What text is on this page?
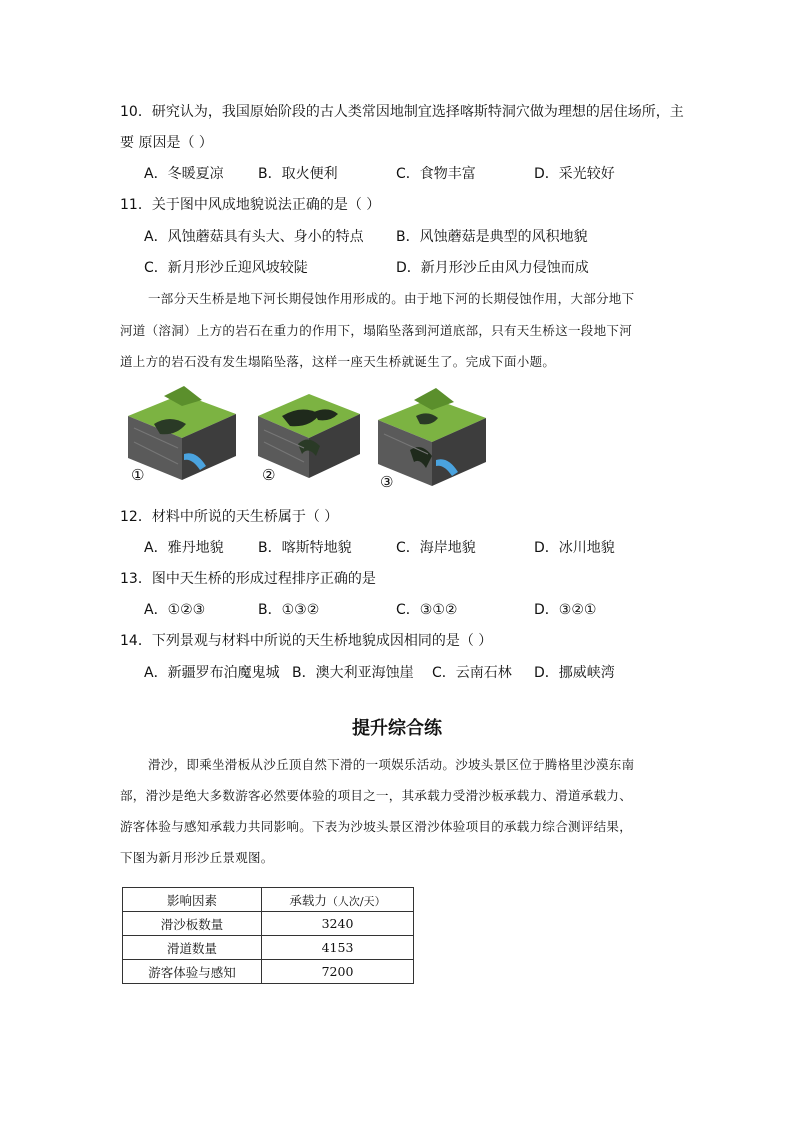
10．研究认为，我国原始阶段的古人类常因地制宜选择喀斯特洞穴做为理想的居住场所，主
要 原因是（ ）
A．冬暖夏凉 B．取火便利	C．食物丰富	D．采光较好
11．关于图中风成地貌说法正确的是（ ）
A．风蚀蘑菇具有头大、身小的特点 B．风蚀蘑菇是典型的风积地貌
C．新月形沙丘迎风坡较陡	D．新月形沙丘由风力侵蚀而成
一部分天生桥是地下河长期侵蚀作用形成的。由于地下河的长期侵蚀作用，大部分地下
河道（溶洞）上方的岩石在重力的作用下，塌陷坠落到河道底部，只有天生桥这一段地下河
道上方的岩石没有发生塌陷坠落，这样一座天生桥就诞生了。完成下面小题。
①	②	③
12．材料中所说的天生桥属于（ ）
A．雅丹地貌 B．喀斯特地貌	C．海岸地貌	D．冰川地貌
13．图中天生桥的形成过程排序正确的是
A．①②③	B．①③②	C．③①②	D．③②①
14．下列景观与材料中所说的天生桥地貌成因相同的是（ ）
A．新疆罗布泊魔鬼城 B．澳大利亚海蚀崖 C．云南石林 D．挪威峡湾
提升综合练
滑沙，即乘坐滑板从沙丘顶自然下滑的一项娱乐活动。沙坡头景区位于腾格里沙漠东南
部，滑沙是绝大多数游客必然要体验的项目之一，其承载力受滑沙板承载力、滑道承载力、
游客体验与感知承载力共同影响。下表为沙坡头景区滑沙体验项目的承载力综合测评结果，
下图为新月形沙丘景观图。
影响因素	承载力（人次/天）
滑沙板数量	3240
滑道数量	4153
游客体验与感知	7200
